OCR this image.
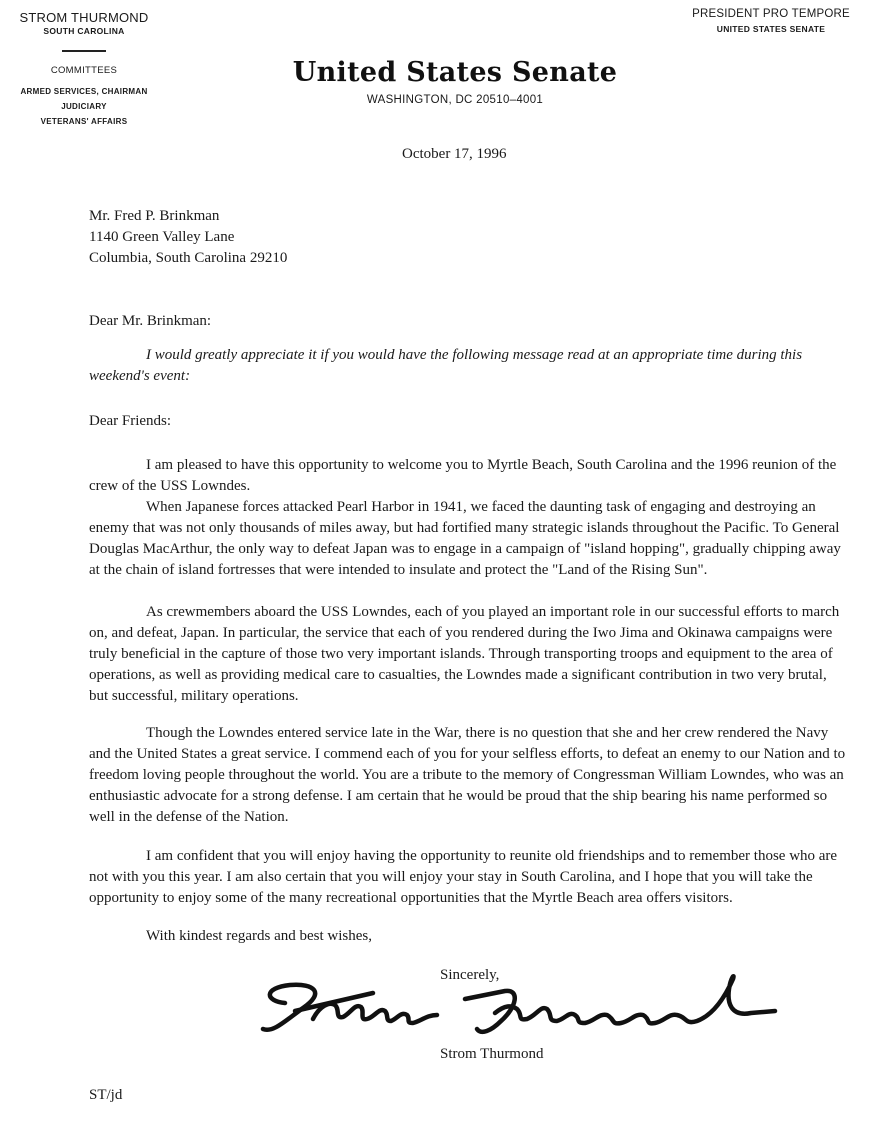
STROM THURMOND
SOUTH CAROLINA
COMMITTEES
ARMED SERVICES, CHAIRMAN
JUDICIARY
VETERANS' AFFAIRS
PRESIDENT PRO TEMPORE
UNITED STATES SENATE
United States Senate
WASHINGTON, DC 20510–4001
October 17, 1996
Mr. Fred P. Brinkman
1140 Green Valley Lane
Columbia, South Carolina 29210
Dear Mr. Brinkman:
I would greatly appreciate it if you would have the following message read at an appropriate time during this weekend's event:
Dear Friends:
I am pleased to have this opportunity to welcome you to Myrtle Beach, South Carolina and the 1996 reunion of the crew of the USS Lowndes.
When Japanese forces attacked Pearl Harbor in 1941, we faced the daunting task of engaging and destroying an enemy that was not only thousands of miles away, but had fortified many strategic islands throughout the Pacific. To General Douglas MacArthur, the only way to defeat Japan was to engage in a campaign of "island hopping", gradually chipping away at the chain of island fortresses that were intended to insulate and protect the "Land of the Rising Sun".
As crewmembers aboard the USS Lowndes, each of you played an important role in our successful efforts to march on, and defeat, Japan. In particular, the service that each of you rendered during the Iwo Jima and Okinawa campaigns were truly beneficial in the capture of those two very important islands. Through transporting troops and equipment to the area of operations, as well as providing medical care to casualties, the Lowndes made a significant contribution in two very brutal, but successful, military operations.
Though the Lowndes entered service late in the War, there is no question that she and her crew rendered the Navy and the United States a great service. I commend each of you for your selfless efforts, to defeat an enemy to our Nation and to freedom loving people throughout the world. You are a tribute to the memory of Congressman William Lowndes, who was an enthusiastic advocate for a strong defense. I am certain that he would be proud that the ship bearing his name performed so well in the defense of the Nation.
I am confident that you will enjoy having the opportunity to reunite old friendships and to remember those who are not with you this year. I am also certain that you will enjoy your stay in South Carolina, and I hope that you will take the opportunity to enjoy some of the many recreational opportunities that the Myrtle Beach area offers visitors.
With kindest regards and best wishes,
Sincerely,
Strom Thurmond
ST/jd
